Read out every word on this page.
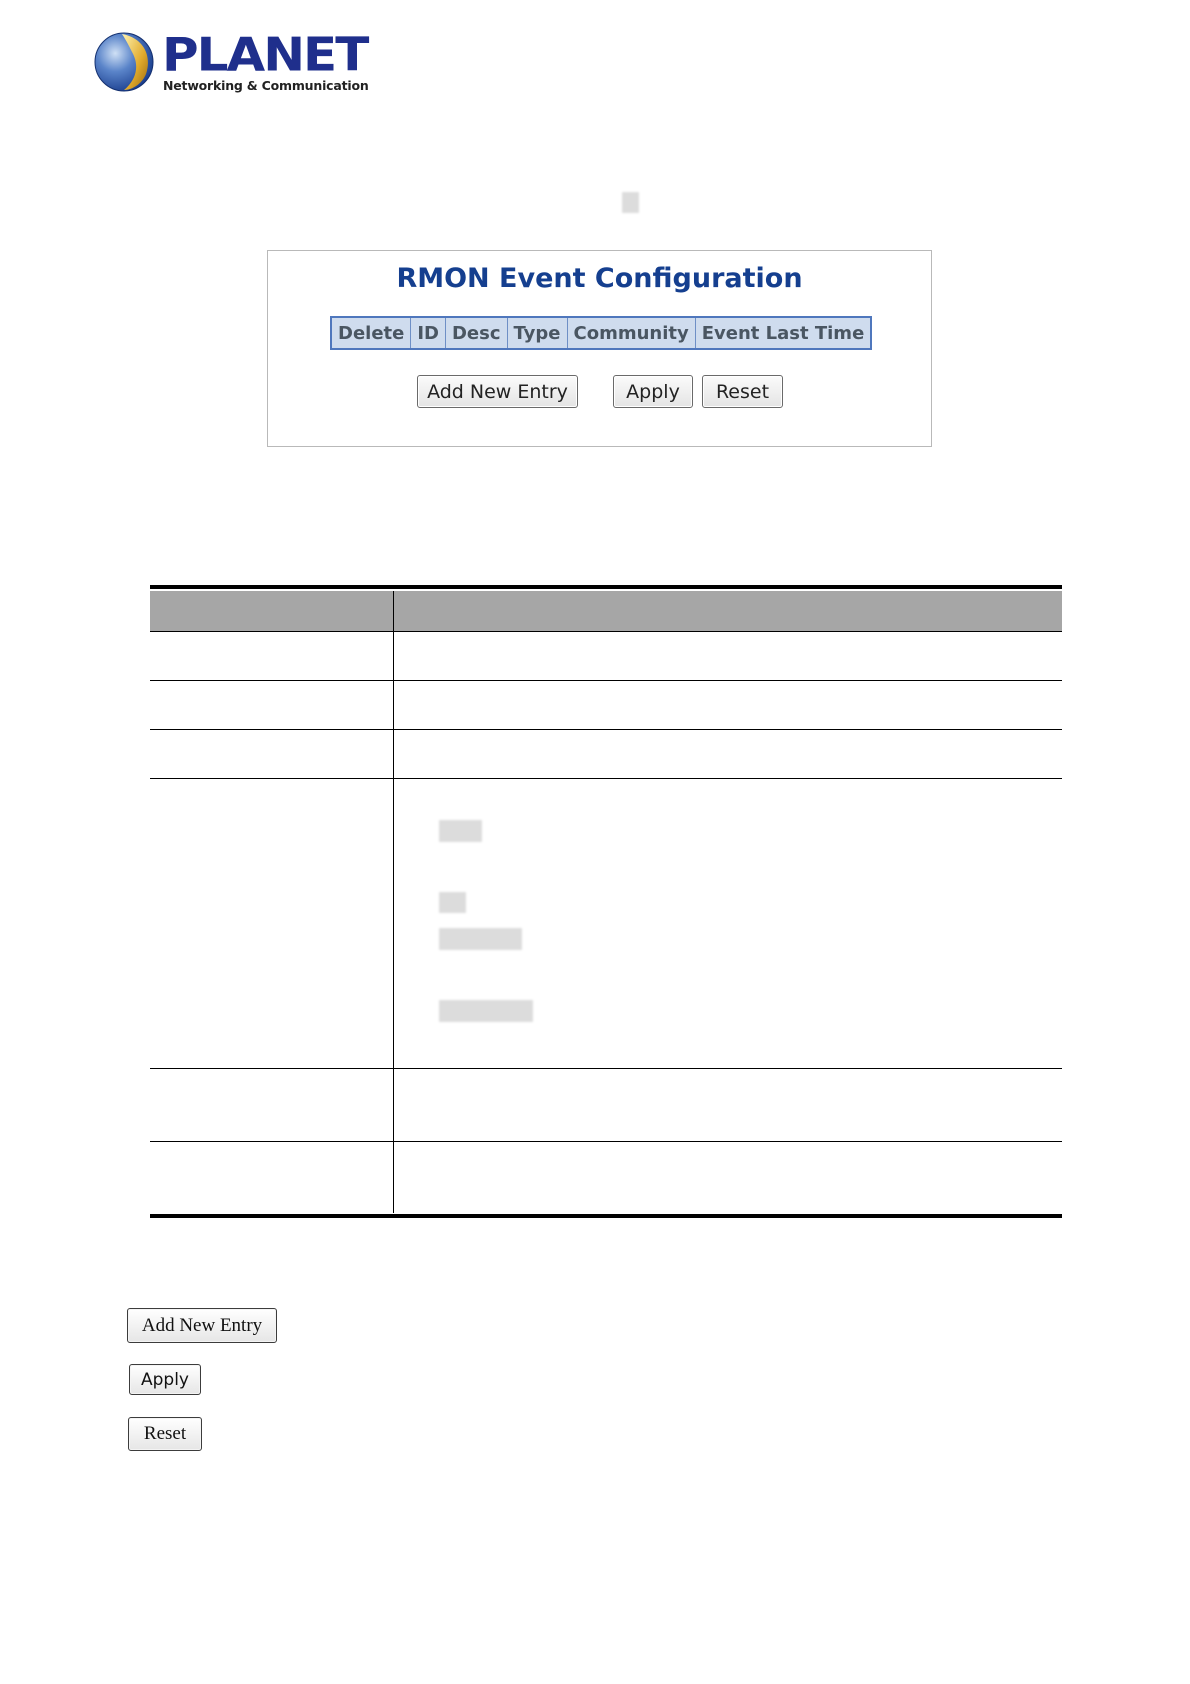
PLANET
Networking & Communication
RMON Event Configuration
Delete	ID	Desc	Type	Community	Event Last Time
Add New Entry	Apply	Reset
Add New Entry
Apply
Reset
